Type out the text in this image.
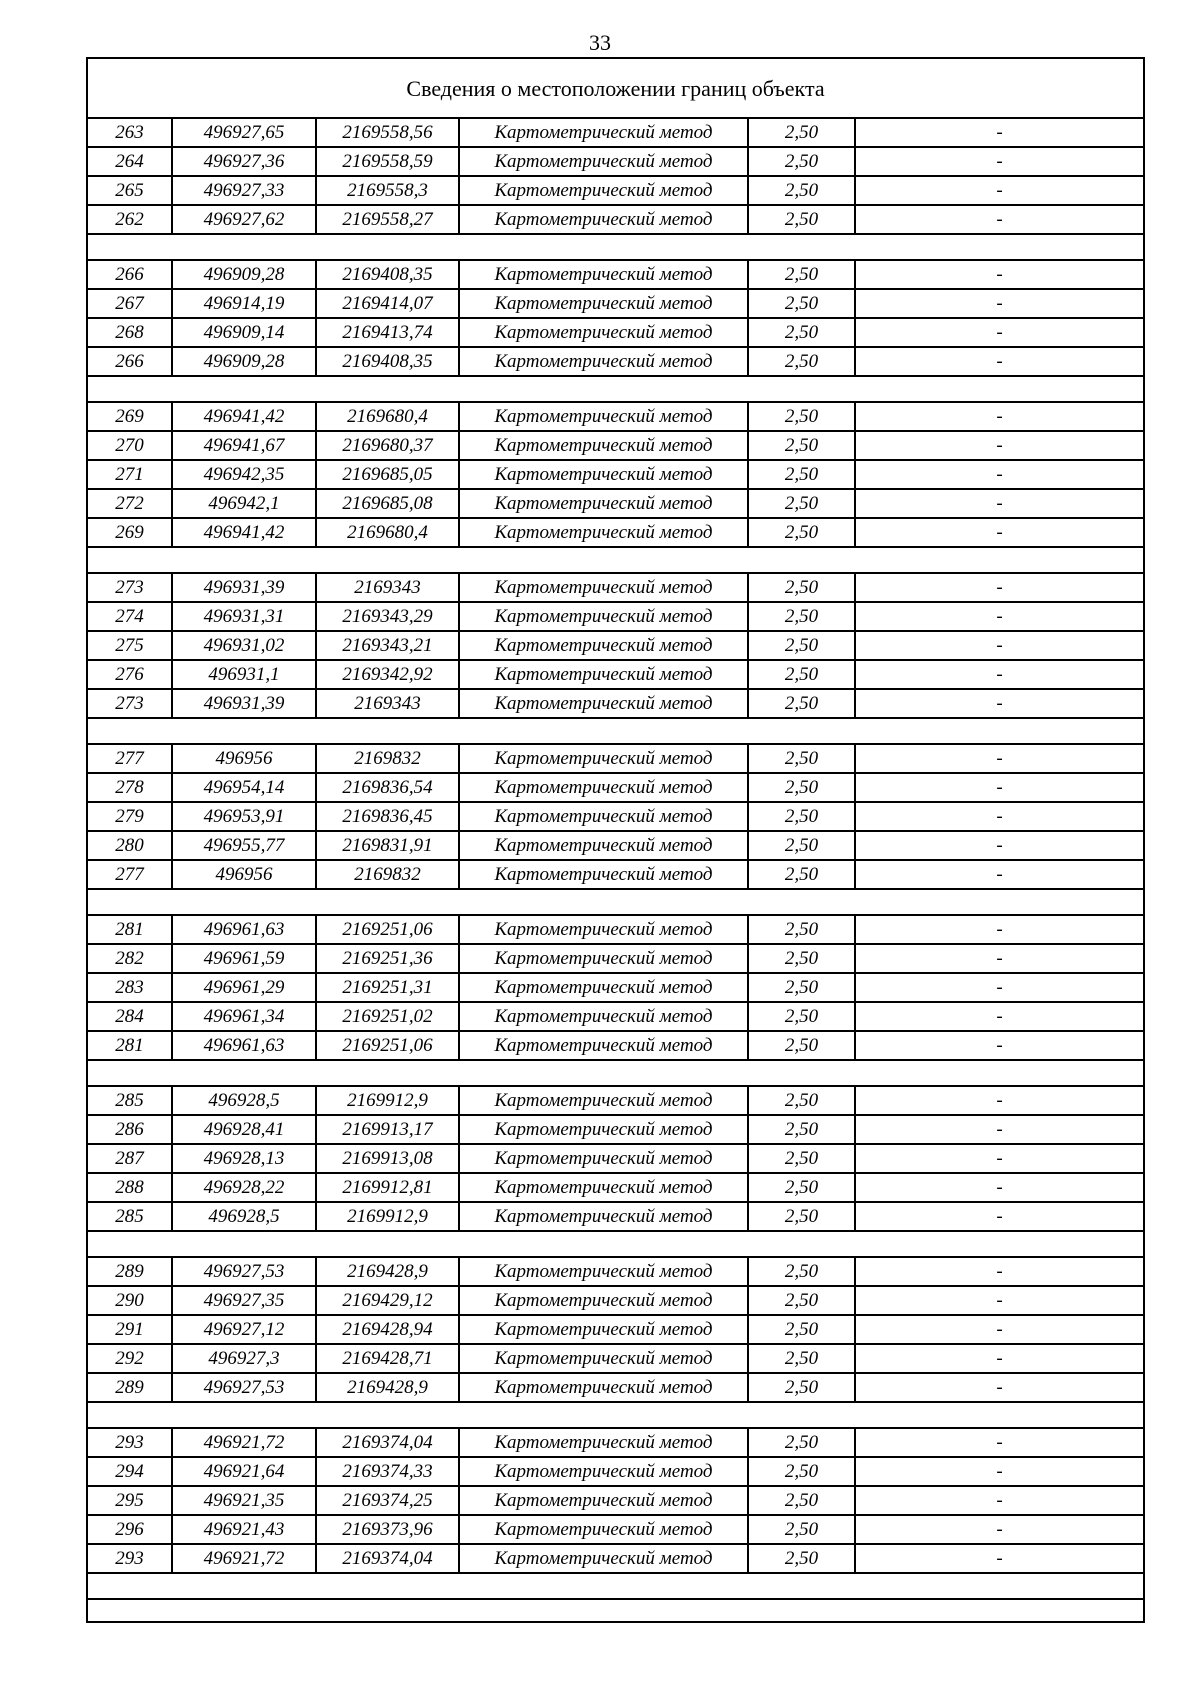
33
Сведения о местоположении границ объекта
263	496927,65	2169558,56	Картометрический метод	2,50	-
264	496927,36	2169558,59	Картометрический метод	2,50	-
265	496927,33	2169558,3	Картометрический метод	2,50	-
262	496927,62	2169558,27	Картометрический метод	2,50	-
266	496909,28	2169408,35	Картометрический метод	2,50	-
267	496914,19	2169414,07	Картометрический метод	2,50	-
268	496909,14	2169413,74	Картометрический метод	2,50	-
266	496909,28	2169408,35	Картометрический метод	2,50	-
269	496941,42	2169680,4	Картометрический метод	2,50	-
270	496941,67	2169680,37	Картометрический метод	2,50	-
271	496942,35	2169685,05	Картометрический метод	2,50	-
272	496942,1	2169685,08	Картометрический метод	2,50	-
269	496941,42	2169680,4	Картометрический метод	2,50	-
273	496931,39	2169343	Картометрический метод	2,50	-
274	496931,31	2169343,29	Картометрический метод	2,50	-
275	496931,02	2169343,21	Картометрический метод	2,50	-
276	496931,1	2169342,92	Картометрический метод	2,50	-
273	496931,39	2169343	Картометрический метод	2,50	-
277	496956	2169832	Картометрический метод	2,50	-
278	496954,14	2169836,54	Картометрический метод	2,50	-
279	496953,91	2169836,45	Картометрический метод	2,50	-
280	496955,77	2169831,91	Картометрический метод	2,50	-
277	496956	2169832	Картометрический метод	2,50	-
281	496961,63	2169251,06	Картометрический метод	2,50	-
282	496961,59	2169251,36	Картометрический метод	2,50	-
283	496961,29	2169251,31	Картометрический метод	2,50	-
284	496961,34	2169251,02	Картометрический метод	2,50	-
281	496961,63	2169251,06	Картометрический метод	2,50	-
285	496928,5	2169912,9	Картометрический метод	2,50	-
286	496928,41	2169913,17	Картометрический метод	2,50	-
287	496928,13	2169913,08	Картометрический метод	2,50	-
288	496928,22	2169912,81	Картометрический метод	2,50	-
285	496928,5	2169912,9	Картометрический метод	2,50	-
289	496927,53	2169428,9	Картометрический метод	2,50	-
290	496927,35	2169429,12	Картометрический метод	2,50	-
291	496927,12	2169428,94	Картометрический метод	2,50	-
292	496927,3	2169428,71	Картометрический метод	2,50	-
289	496927,53	2169428,9	Картометрический метод	2,50	-
293	496921,72	2169374,04	Картометрический метод	2,50	-
294	496921,64	2169374,33	Картометрический метод	2,50	-
295	496921,35	2169374,25	Картометрический метод	2,50	-
296	496921,43	2169373,96	Картометрический метод	2,50	-
293	496921,72	2169374,04	Картометрический метод	2,50	-
